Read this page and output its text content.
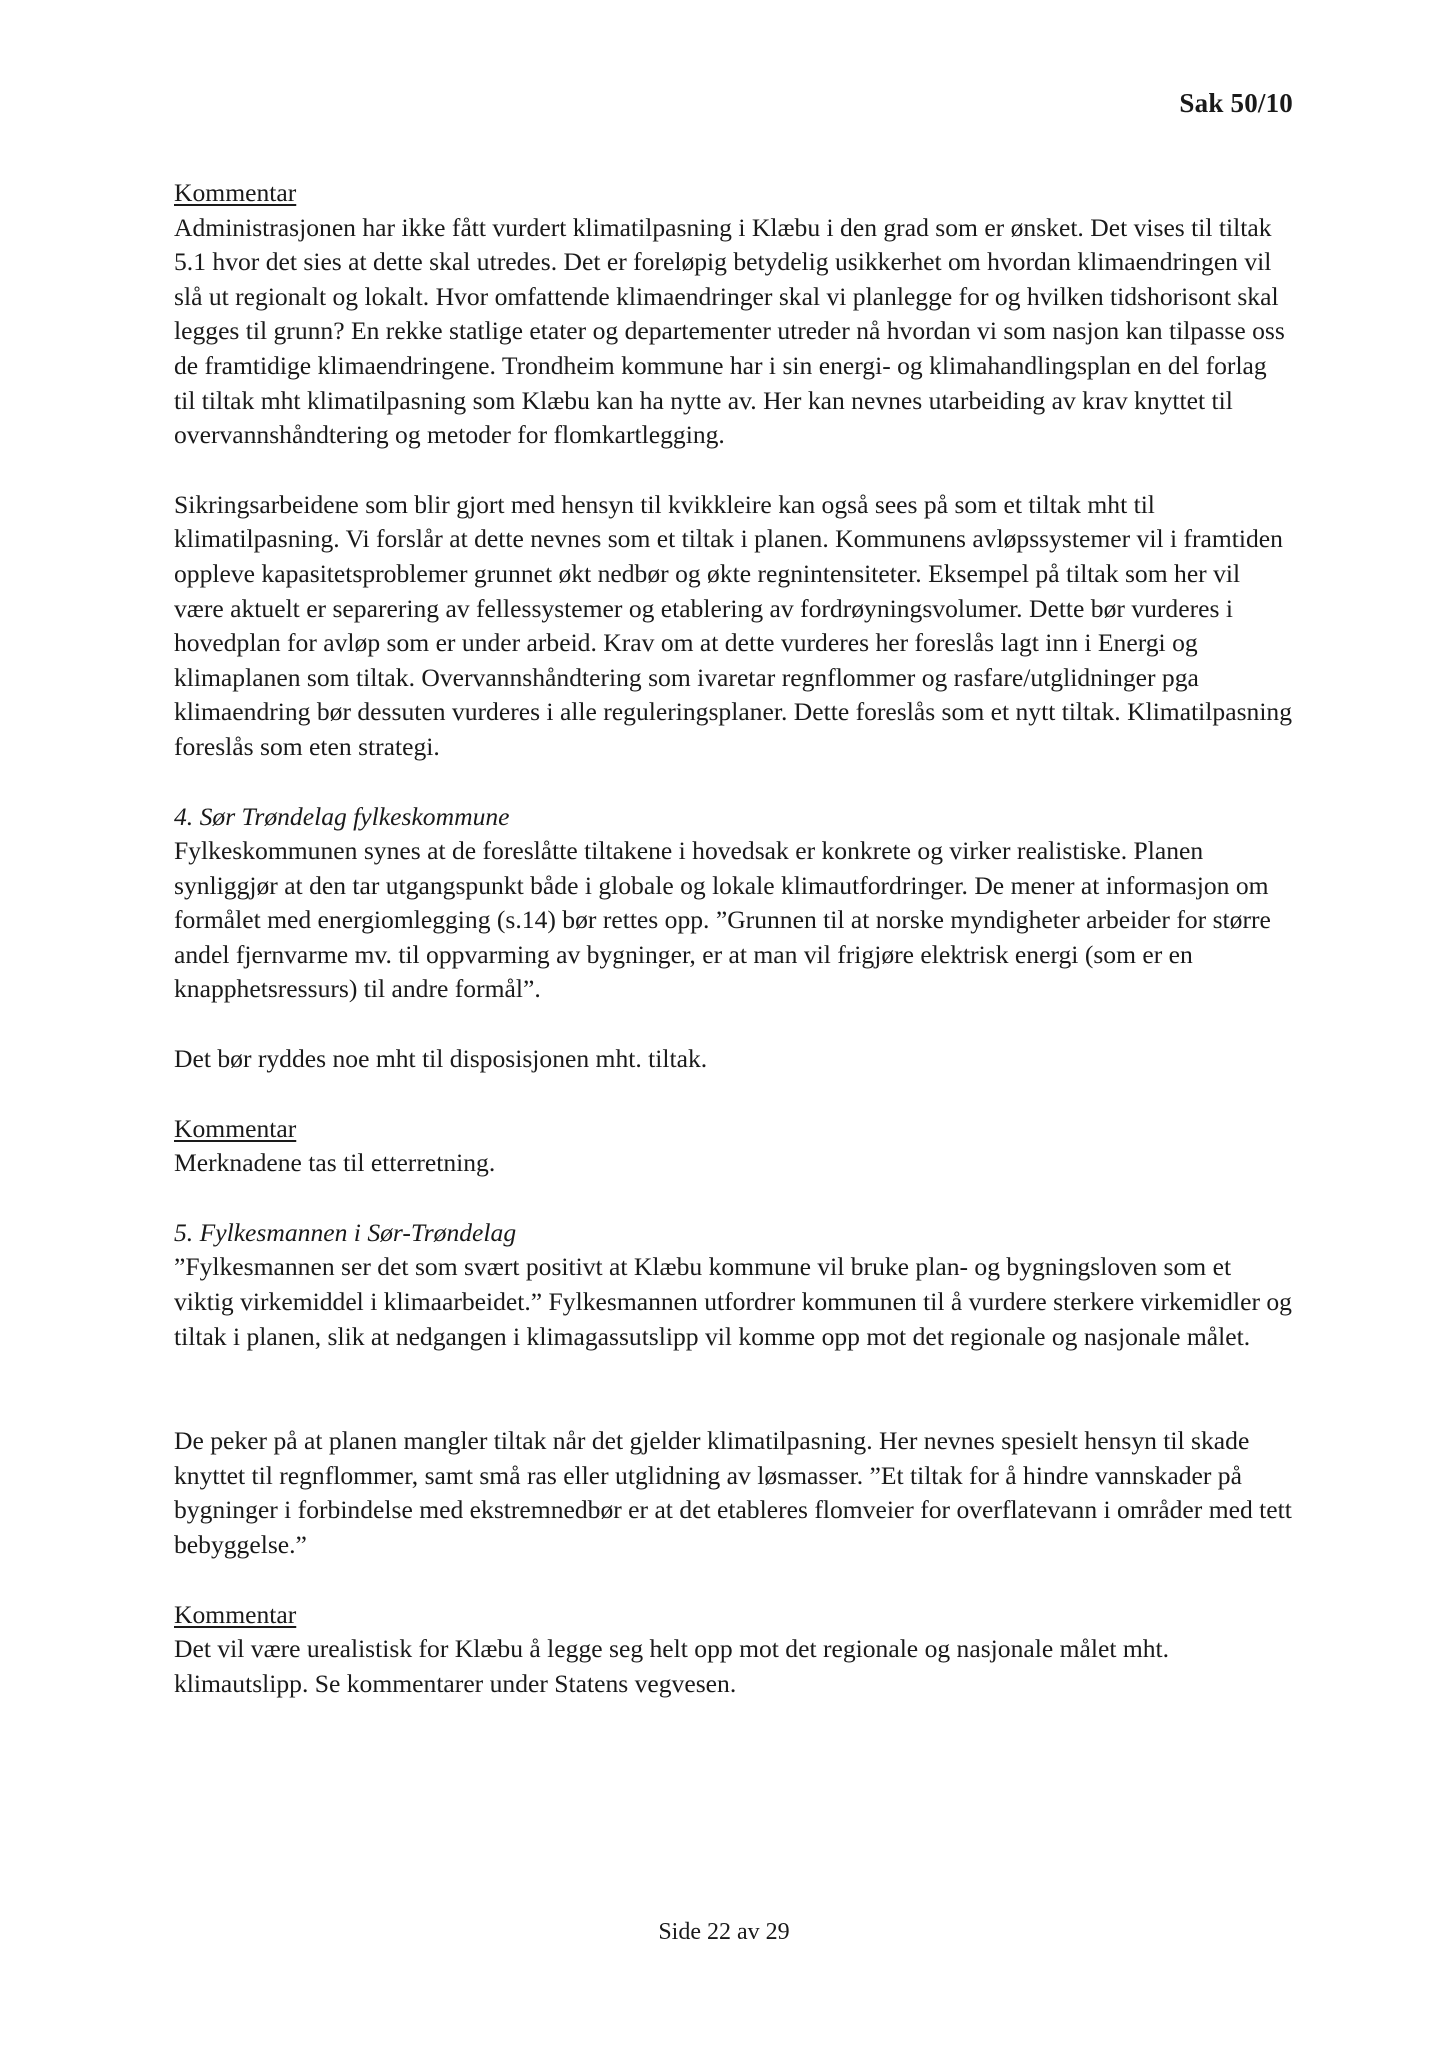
Sak 50/10
Kommentar

Administrasjonen har ikke fått vurdert klimatilpasning i Klæbu i den grad som er ønsket. Det vises til tiltak 5.1 hvor det sies at dette skal utredes. Det er foreløpig betydelig usikkerhet om hvordan klimaendringen vil slå ut regionalt og lokalt. Hvor omfattende klimaendringer skal vi planlegge for og hvilken tidshorisont skal legges til grunn? En rekke statlige etater og departementer utreder nå hvordan vi som nasjon kan tilpasse oss de framtidige klimaendringene. Trondheim kommune har i sin energi- og klimahandlingsplan en del forlag til tiltak mht klimatilpasning som Klæbu kan ha nytte av. Her kan nevnes utarbeiding av krav knyttet til overvannshåndtering og metoder for flomkartlegging.

Sikringsarbeidene som blir gjort med hensyn til kvikkleire kan også sees på som et tiltak mht til klimatilpasning. Vi forslår at dette nevnes som et tiltak i planen. Kommunens avløpssystemer vil i framtiden oppleve kapasitetsproblemer grunnet økt nedbør og økte regnintensiteter. Eksempel på tiltak som her vil være aktuelt er separering av fellessystemer og etablering av fordrøyningsvolumer. Dette bør vurderes i hovedplan for avløp som er under arbeid. Krav om at dette vurderes her foreslås lagt inn i Energi og klimaplanen som tiltak. Overvannshåndtering som ivaretar regnflommer og rasfare/utglidninger pga klimaendring bør dessuten vurderes i alle reguleringsplaner. Dette foreslås som et nytt tiltak. Klimatilpasning foreslås som eten strategi.

4. Sør Trøndelag fylkeskommune

Fylkeskommunen synes at de foreslåtte tiltakene i hovedsak er konkrete og virker realistiske. Planen synliggjør at den tar utgangspunkt både i globale og lokale klimautfordringer. De mener at informasjon om formålet med energiomlegging (s.14) bør rettes opp. ”Grunnen til at norske myndigheter arbeider for større andel fjernvarme mv. til oppvarming av bygninger, er at man vil frigjøre elektrisk energi (som er en knapphetsressurs) til andre formål”.

Det bør ryddes noe mht til disposisjonen mht. tiltak.

Kommentar

Merknadene tas til etterretning.

5. Fylkesmannen i Sør-Trøndelag

”Fylkesmannen ser det som svært positivt at Klæbu kommune vil bruke plan- og bygningsloven som et viktig virkemiddel i klimaarbeidet.” Fylkesmannen utfordrer kommunen til å vurdere sterkere virkemidler og tiltak i planen, slik at nedgangen i klimagassutslipp vil komme opp mot det regionale og nasjonale målet.

De peker på at planen mangler tiltak når det gjelder klimatilpasning. Her nevnes spesielt hensyn til skade knyttet til regnflommer, samt små ras eller utglidning av løsmasser. ”Et tiltak for å hindre vannskader på bygninger i forbindelse med ekstremnedbør er at det etableres flomveier for overflatevann i områder med tett bebyggelse.”

Kommentar

Det vil være urealistisk for Klæbu å legge seg helt opp mot det regionale og nasjonale målet mht. klimautslipp. Se kommentarer under Statens vegvesen.

Side 22 av 29
